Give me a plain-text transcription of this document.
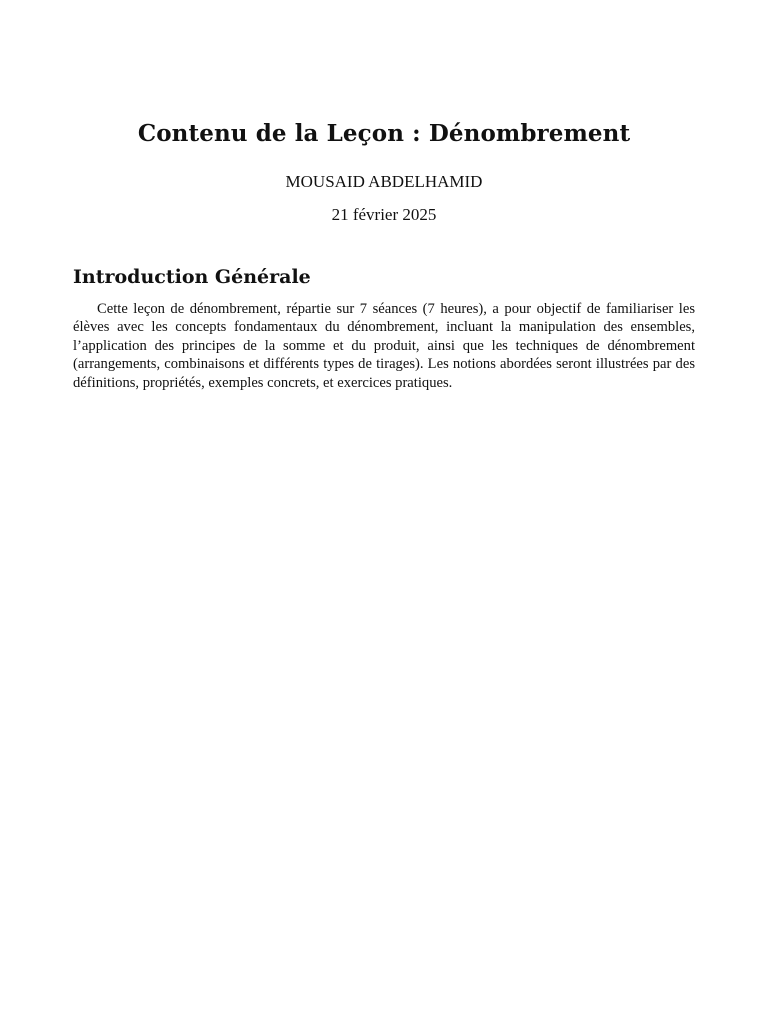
Contenu de la Leçon : Dénombrement
MOUSAID ABDELHAMID
21 février 2025
Introduction Générale

Cette leçon de dénombrement, répartie sur 7 séances (7 heures), a pour objectif de familiariser les élèves avec les concepts fondamentaux du dénombrement, incluant la manipulation des ensembles, l’application des principes de la somme et du produit, ainsi que les techniques de dénombrement (arrangements, combinaisons et différents types de tirages). Les notions abordées seront illustrées par des définitions, propriétés, exemples concrets, et exercices pratiques.
